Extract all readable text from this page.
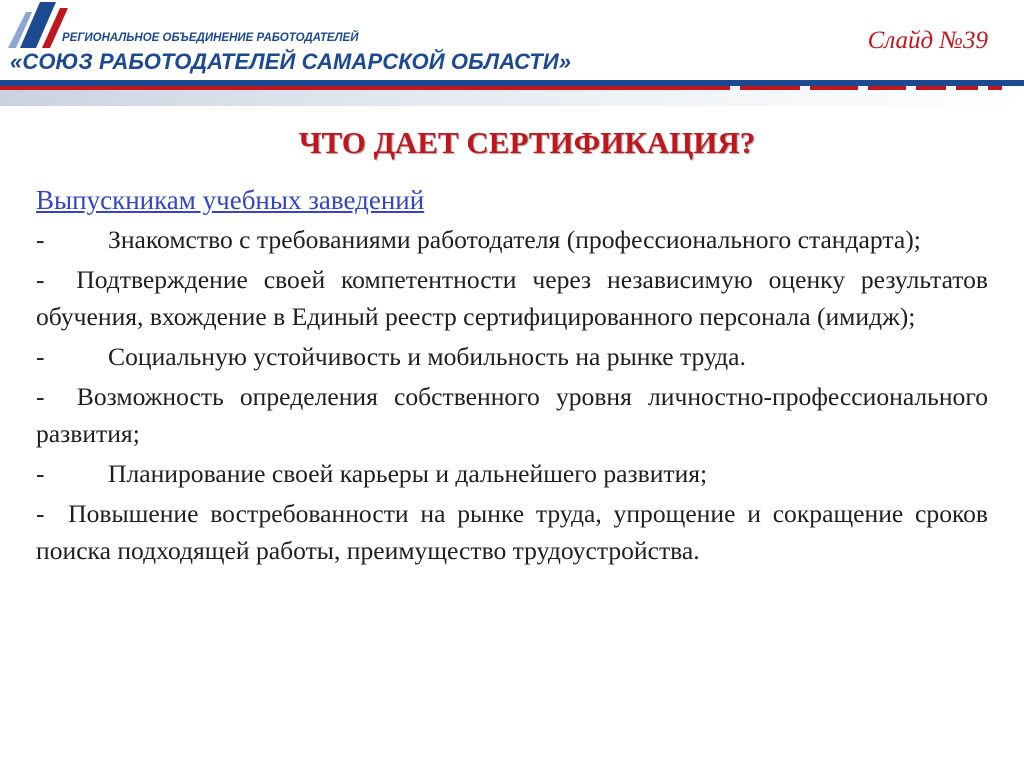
РЕГИОНАЛЬНОЕ ОБЪЕДИНЕНИЕ РАБОТОДАТЕЛЕЙ
«СОЮЗ РАБОТОДАТЕЛЕЙ САМАРСКОЙ ОБЛАСТИ»
Слайд №39
ЧТО ДАЕТ СЕРТИФИКАЦИЯ?
Выпускникам учебных заведений

- Знакомство с требованиями работодателя (профессионального стандарта);

-  Подтверждение своей компетентности через независимую оценку результатов обучения, вхождение в Единый реестр сертифицированного персонала (имидж);

- Социальную устойчивость и мобильность на рынке труда.

-  Возможность определения собственного уровня личностно-профессионального развития;

- Планирование своей карьеры и дальнейшего развития;

-  Повышение востребованности на рынке труда, упрощение и сокращение сроков поиска подходящей работы, преимущество трудоустройства.
